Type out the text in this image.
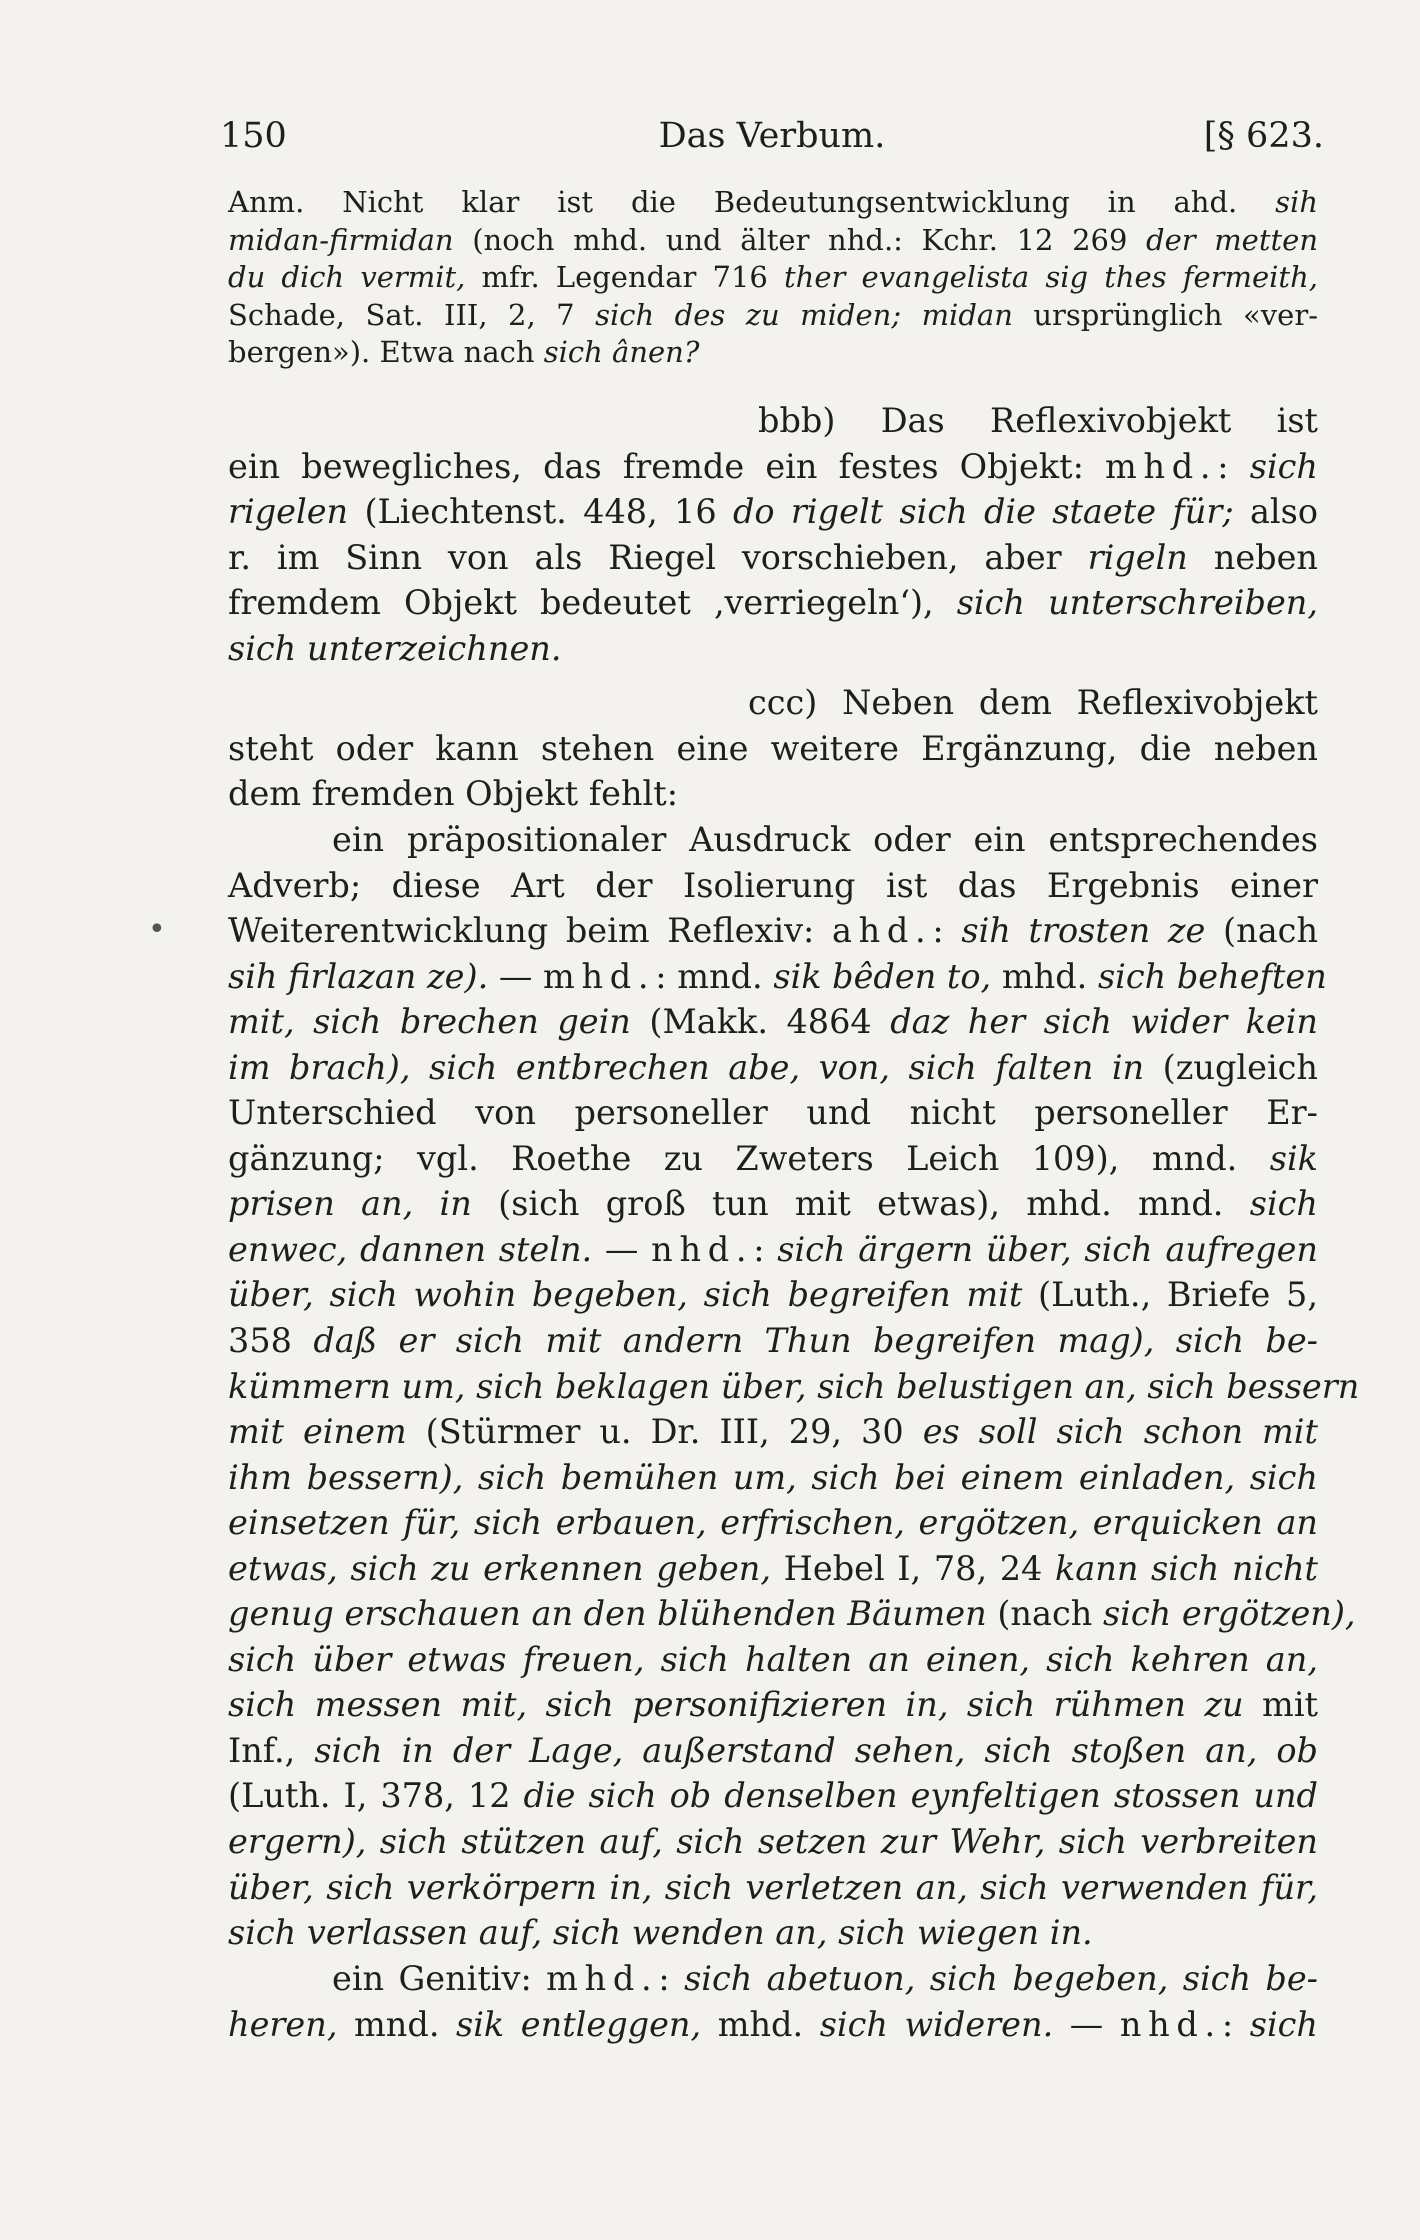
150	Das Verbum.	[§ 623.
•
Anm. Nicht klar ist die Bedeutungsentwicklung in ahd. sih
midan-firmidan (noch mhd. und älter nhd.: Kchr. 12 269 der metten
du dich vermit, mfr. Legendar 716 ther evangelista sig thes fermeith,
Schade, Sat. III, 2, 7 sich des zu miden; midan ursprünglich «ver-
bergen»). Etwa nach sich ânen?
bbb) Das Reflexivobjekt ist
ein bewegliches, das fremde ein festes Objekt: mhd.: sich
rigelen (Liechtenst. 448, 16 do rigelt sich die staete für; also
r. im Sinn von als Riegel vorschieben, aber rigeln neben
fremdem Objekt bedeutet ‚verriegeln‘), sich unterschreiben,
sich unterzeichnen.
ccc) Neben dem Reflexivobjekt
steht oder kann stehen eine weitere Ergänzung, die neben
dem fremden Objekt fehlt:
ein präpositionaler Ausdruck oder ein entsprechendes
Adverb; diese Art der Isolierung ist das Ergebnis einer
Weiterentwicklung beim Reflexiv: ahd.: sih trosten ze (nach
sih firlazan ze). — mhd.: mnd. sik bêden to, mhd. sich beheften
mit, sich brechen gein (Makk. 4864 daz her sich wider kein
im brach), sich entbrechen abe, von, sich falten in (zugleich
Unterschied von personeller und nicht personeller Er-
gänzung; vgl. Roethe zu Zweters Leich 109), mnd. sik
prisen an, in (sich groß tun mit etwas), mhd. mnd. sich
enwec, dannen steln. — nhd.: sich ärgern über, sich aufregen
über, sich wohin begeben, sich begreifen mit (Luth., Briefe 5,
358 daß er sich mit andern Thun begreifen mag), sich be-
kümmern um, sich beklagen über, sich belustigen an, sich bessern
mit einem (Stürmer u. Dr. III, 29, 30 es soll sich schon mit
ihm bessern), sich bemühen um, sich bei einem einladen, sich
einsetzen für, sich erbauen, erfrischen, ergötzen, erquicken an
etwas, sich zu erkennen geben, Hebel I, 78, 24 kann sich nicht
genug erschauen an den blühenden Bäumen (nach sich ergötzen),
sich über etwas freuen, sich halten an einen, sich kehren an,
sich messen mit, sich personifizieren in, sich rühmen zu mit
Inf., sich in der Lage, außerstand sehen, sich stoßen an, ob
(Luth. I, 378, 12 die sich ob denselben eynfeltigen stossen und
ergern), sich stützen auf, sich setzen zur Wehr, sich verbreiten
über, sich verkörpern in, sich verletzen an, sich verwenden für,
sich verlassen auf, sich wenden an, sich wiegen in.
ein Genitiv: mhd.: sich abetuon, sich begeben, sich be-
heren, mnd. sik entleggen, mhd. sich wideren. — nhd.: sich
